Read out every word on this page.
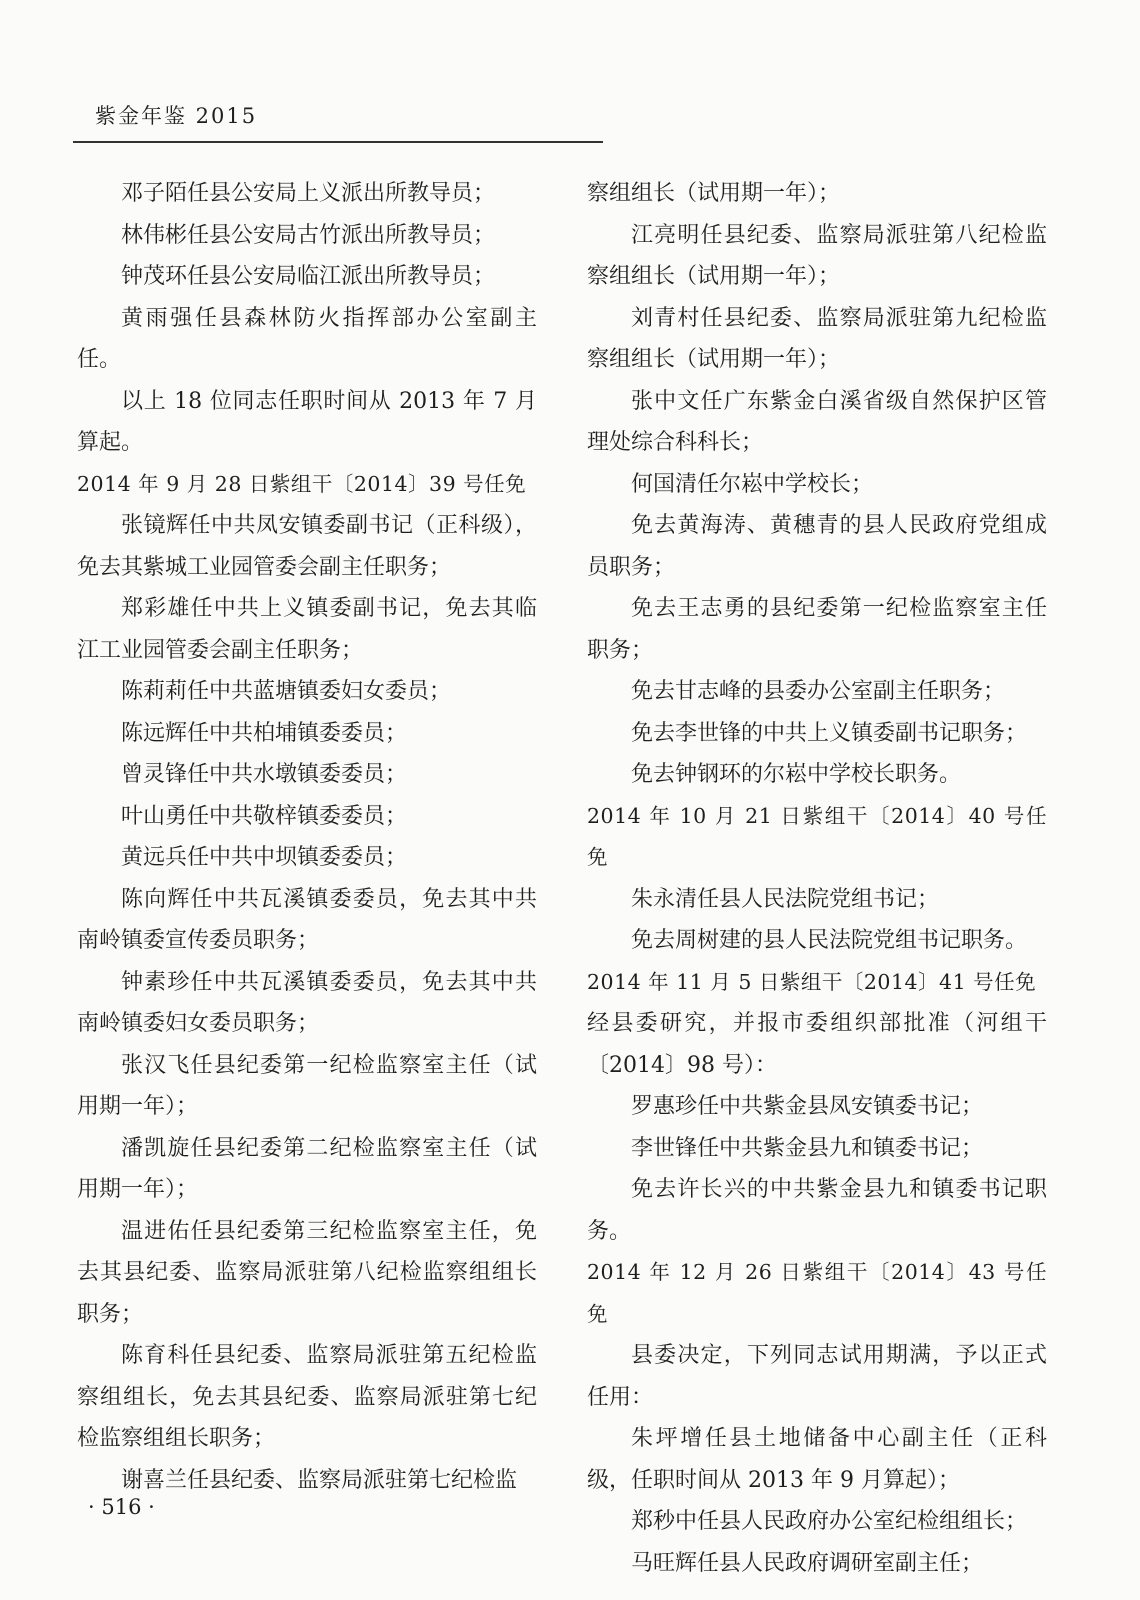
紫金年鉴 2015

邓子陌任县公安局上义派出所教导员；

林伟彬任县公安局古竹派出所教导员；

钟茂环任县公安局临江派出所教导员；

黄雨强任县森林防火指挥部办公室副主任。

以上 18 位同志任职时间从 2013 年 7 月算起。

2014 年 9 月 28 日紫组干〔2014〕39 号任免

张镜辉任中共凤安镇委副书记（正科级），免去其紫城工业园管委会副主任职务；

郑彩雄任中共上义镇委副书记，免去其临江工业园管委会副主任职务；

陈莉莉任中共蓝塘镇委妇女委员；

陈远辉任中共柏埔镇委委员；

曾灵锋任中共水墩镇委委员；

叶山勇任中共敬梓镇委委员；

黄远兵任中共中坝镇委委员；

陈向辉任中共瓦溪镇委委员，免去其中共南岭镇委宣传委员职务；

钟素珍任中共瓦溪镇委委员，免去其中共南岭镇委妇女委员职务；

张汉飞任县纪委第一纪检监察室主任（试用期一年）；

潘凯旋任县纪委第二纪检监察室主任（试用期一年）；

温进佑任县纪委第三纪检监察室主任，免去其县纪委、监察局派驻第八纪检监察组组长职务；

陈育科任县纪委、监察局派驻第五纪检监察组组长，免去其县纪委、监察局派驻第七纪检监察组组长职务；

谢喜兰任县纪委、监察局派驻第七纪检监

察组组长（试用期一年）；

江亮明任县纪委、监察局派驻第八纪检监察组组长（试用期一年）；

刘青村任县纪委、监察局派驻第九纪检监察组组长（试用期一年）；

张中文任广东紫金白溪省级自然保护区管理处综合科科长；

何国清任尔崧中学校长；

免去黄海涛、黄穗青的县人民政府党组成员职务；

免去王志勇的县纪委第一纪检监察室主任职务；

免去甘志峰的县委办公室副主任职务；

免去李世锋的中共上义镇委副书记职务；

免去钟钢环的尔崧中学校长职务。

2014 年 10 月 21 日紫组干〔2014〕40 号任免

朱永清任县人民法院党组书记；

免去周树建的县人民法院党组书记职务。

2014 年 11 月 5 日紫组干〔2014〕41 号任免

经县委研究，并报市委组织部批准（河组干〔2014〕98 号）：

罗惠珍任中共紫金县凤安镇委书记；

李世锋任中共紫金县九和镇委书记；

免去许长兴的中共紫金县九和镇委书记职务。

2014 年 12 月 26 日紫组干〔2014〕43 号任免

县委决定，下列同志试用期满，予以正式任用：

朱坪增任县土地储备中心副主任（正科级，任职时间从 2013 年 9 月算起）；

郑秒中任县人民政府办公室纪检组组长；

马旺辉任县人民政府调研室副主任；

· 516 ·
